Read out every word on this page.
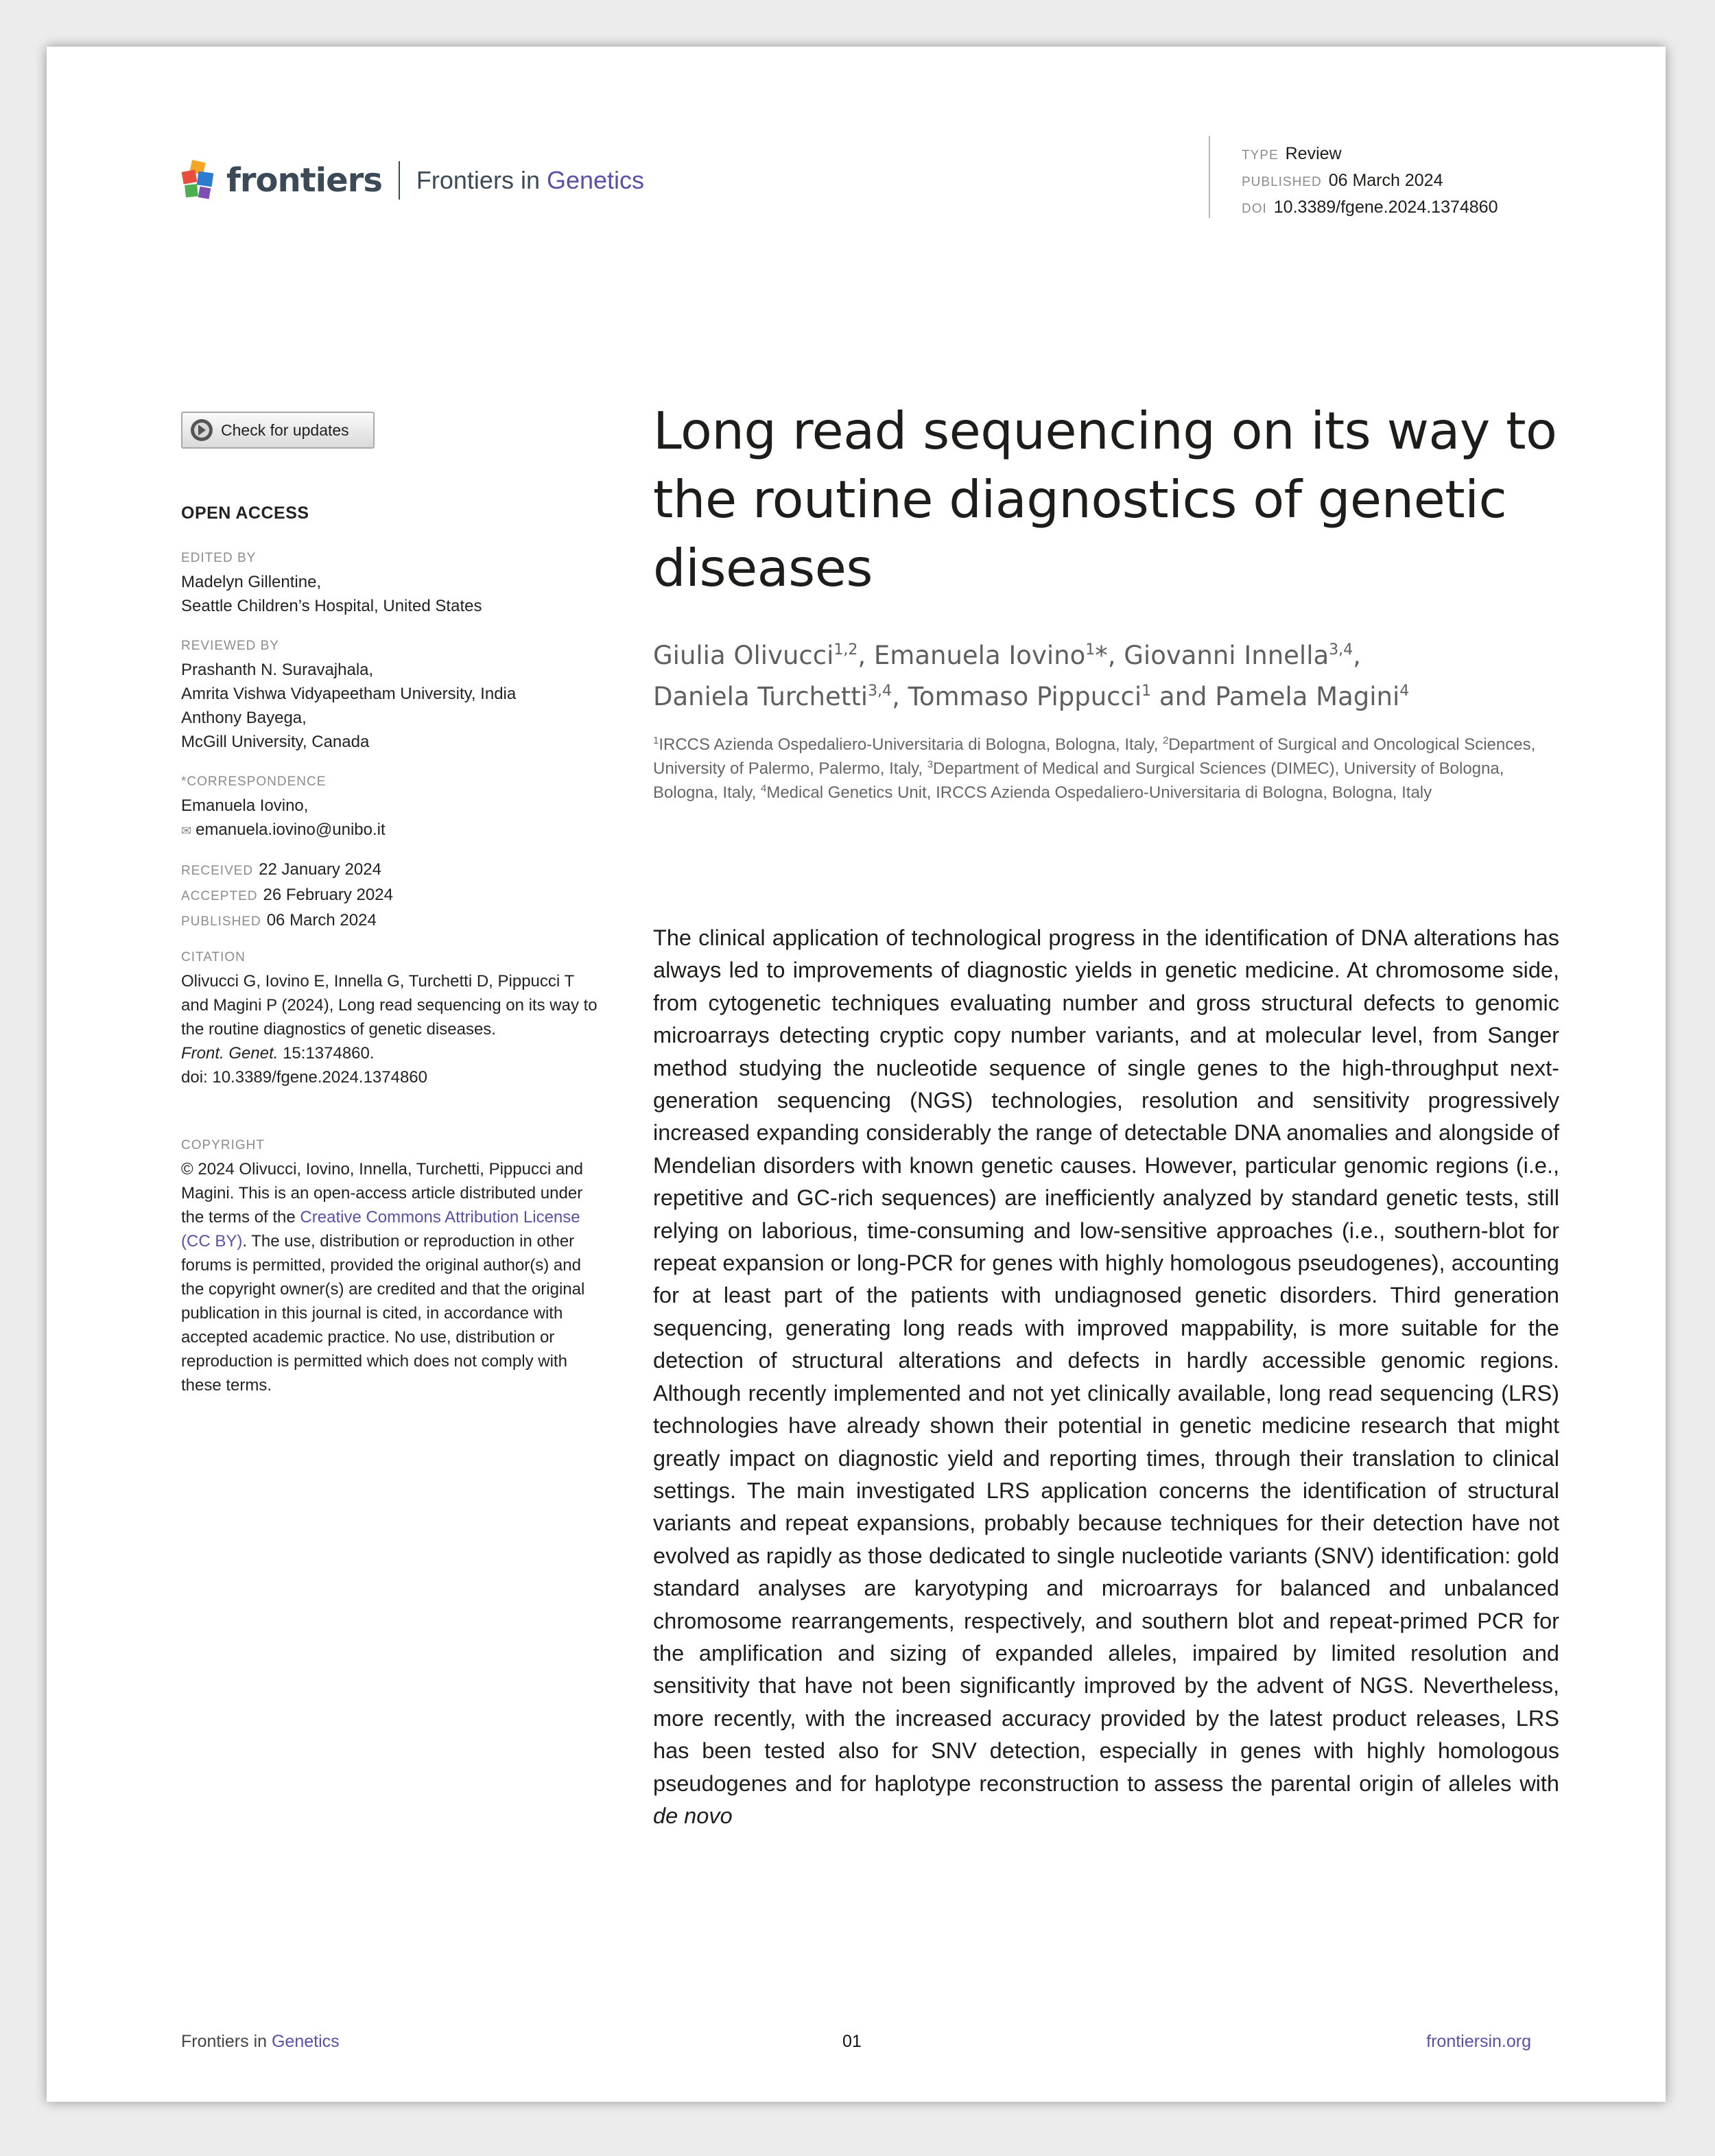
frontiers Frontiers in Genetics
TYPE Review
PUBLISHED 06 March 2024
DOI 10.3389/fgene.2024.1374860
Check for updates
OPEN ACCESS
EDITED BY
Madelyn Gillentine,
Seattle Children’s Hospital, United States
REVIEWED BY
Prashanth N. Suravajhala,
Amrita Vishwa Vidyapeetham University, India
Anthony Bayega,
McGill University, Canada
*CORRESPONDENCE
Emanuela Iovino,
✉ emanuela.iovino@unibo.it
RECEIVED 22 January 2024
ACCEPTED 26 February 2024
PUBLISHED 06 March 2024
CITATION
Olivucci G, Iovino E, Innella G, Turchetti D, Pippucci T and Magini P (2024), Long read sequencing on its way to the routine diagnostics of genetic diseases.
Front. Genet. 15:1374860.
doi: 10.3389/fgene.2024.1374860
COPYRIGHT
© 2024 Olivucci, Iovino, Innella, Turchetti, Pippucci and Magini. This is an open-access article distributed under the terms of the Creative Commons Attribution License (CC BY). The use, distribution or reproduction in other forums is permitted, provided the original author(s) and the copyright owner(s) are credited and that the original publication in this journal is cited, in accordance with accepted academic practice. No use, distribution or reproduction is permitted which does not comply with these terms.
Long read sequencing on its way to the routine diagnostics of genetic diseases
Giulia Olivucci$^{1,2}$, Emanuela Iovino$^1$*, Giovanni Innella$^{3,4}$,
Daniela Turchetti$^{3,4}$, Tommaso Pippucci$^1$ and Pamela Magini$^4$
$^1$IRCCS Azienda Ospedaliero-Universitaria di Bologna, Bologna, Italy, $^2$Department of Surgical and Oncological Sciences, University of Palermo, Palermo, Italy, $^3$Department of Medical and Surgical Sciences (DIMEC), University of Bologna, Bologna, Italy, $^4$Medical Genetics Unit, IRCCS Azienda Ospedaliero-Universitaria di Bologna, Bologna, Italy
The clinical application of technological progress in the identification of DNA alterations has always led to improvements of diagnostic yields in genetic medicine. At chromosome side, from cytogenetic techniques evaluating number and gross structural defects to genomic microarrays detecting cryptic copy number variants, and at molecular level, from Sanger method studying the nucleotide sequence of single genes to the high-throughput next-generation sequencing (NGS) technologies, resolution and sensitivity progressively increased expanding considerably the range of detectable DNA anomalies and alongside of Mendelian disorders with known genetic causes. However, particular genomic regions (i.e., repetitive and GC-rich sequences) are inefficiently analyzed by standard genetic tests, still relying on laborious, time-consuming and low-sensitive approaches (i.e., southern-blot for repeat expansion or long-PCR for genes with highly homologous pseudogenes), accounting for at least part of the patients with undiagnosed genetic disorders. Third generation sequencing, generating long reads with improved mappability, is more suitable for the detection of structural alterations and defects in hardly accessible genomic regions. Although recently implemented and not yet clinically available, long read sequencing (LRS) technologies have already shown their potential in genetic medicine research that might greatly impact on diagnostic yield and reporting times, through their translation to clinical settings. The main investigated LRS application concerns the identification of structural variants and repeat expansions, probably because techniques for their detection have not evolved as rapidly as those dedicated to single nucleotide variants (SNV) identification: gold standard analyses are karyotyping and microarrays for balanced and unbalanced chromosome rearrangements, respectively, and southern blot and repeat-primed PCR for the amplification and sizing of expanded alleles, impaired by limited resolution and sensitivity that have not been significantly improved by the advent of NGS. Nevertheless, more recently, with the increased accuracy provided by the latest product releases, LRS has been tested also for SNV detection, especially in genes with highly homologous pseudogenes and for haplotype reconstruction to assess the parental origin of alleles with de novo
Frontiers in Genetics	01	frontiersin.org
